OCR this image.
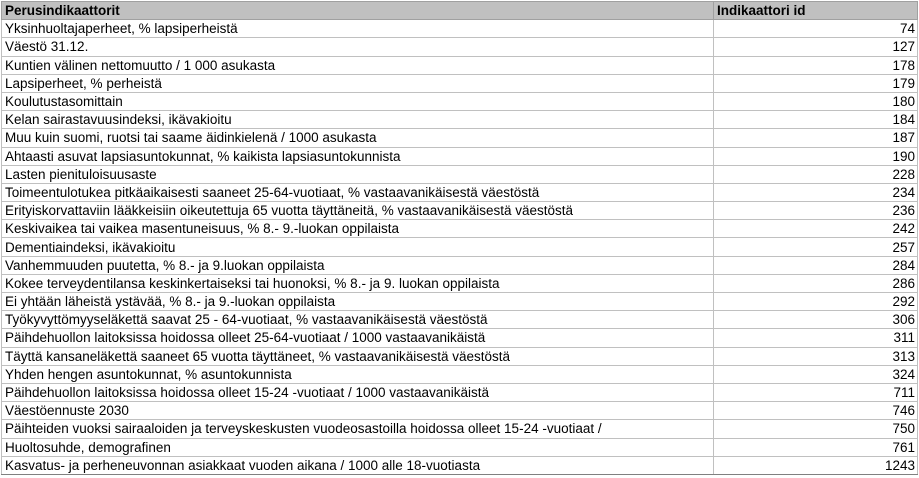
Perusindikaattorit	Indikaattori id
Yksinhuoltajaperheet, % lapsiperheistä	74
Väestö 31.12.	127
Kuntien välinen nettomuutto / 1 000 asukasta	178
Lapsiperheet, % perheistä	179
Koulutustasomittain	180
Kelan sairastavuusindeksi, ikävakioitu	184
Muu kuin suomi, ruotsi tai saame äidinkielenä / 1000 asukasta	187
Ahtaasti asuvat lapsiasuntokunnat, % kaikista lapsiasuntokunnista	190
Lasten pienituloisuusaste	228
Toimeentulotukea pitkäaikaisesti saaneet 25-64-vuotiaat, % vastaavanikäisestä väestöstä	234
Erityiskorvattaviin lääkkeisiin oikeutettuja 65 vuotta täyttäneitä, % vastaavanikäisestä väestöstä	236
Keskivaikea tai vaikea masentuneisuus, % 8.- 9.-luokan oppilaista	242
Dementiaindeksi, ikävakioitu	257
Vanhemmuuden puutetta, % 8.- ja 9.luokan oppilaista	284
Kokee terveydentilansa keskinkertaiseksi tai huonoksi, % 8.- ja 9. luokan oppilaista	286
Ei yhtään läheistä ystävää, % 8.- ja 9.-luokan oppilaista	292
Työkyvyttömyyseläkettä saavat 25 - 64-vuotiaat, % vastaavanikäisestä väestöstä	306
Päihdehuollon laitoksissa hoidossa olleet 25-64-vuotiaat / 1000 vastaavanikäistä	311
Täyttä kansaneläkettä saaneet 65 vuotta täyttäneet, % vastaavanikäisestä väestöstä	313
Yhden hengen asuntokunnat, % asuntokunnista	324
Päihdehuollon laitoksissa hoidossa olleet 15-24 -vuotiaat / 1000 vastaavanikäistä	711
Väestöennuste 2030	746
Päihteiden vuoksi sairaaloiden ja terveyskeskusten vuodeosastoilla hoidossa olleet 15-24 -vuotiaat /	750
Huoltosuhde, demografinen	761
Kasvatus- ja perheneuvonnan asiakkaat vuoden aikana / 1000 alle 18-vuotiasta	1243
